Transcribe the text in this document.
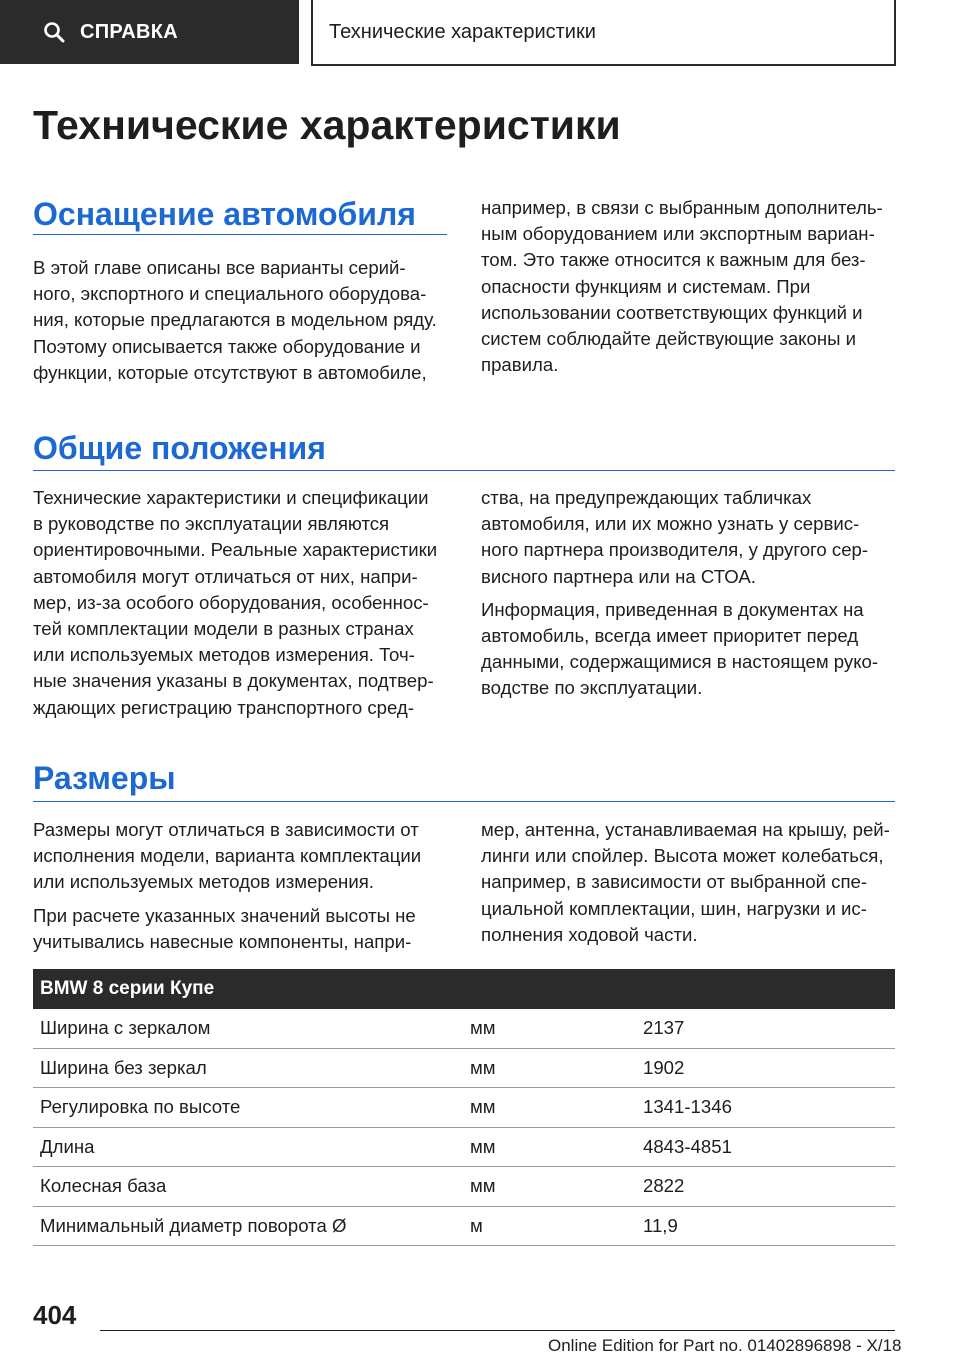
СПРАВКА	Технические характеристики
Технические характеристики
Оснащение автомобиля

В этой главе описаны все варианты серий-
ного, экспортного и специального оборудова-
ния, которые предлагаются в модельном ряду.
Поэтому описывается также оборудование и
функции, которые отсутствуют в автомобиле,

например, в связи с выбранным дополнитель-
ным оборудованием или экспортным вариан-
том. Это также относится к важным для без-
опасности функциям и системам. При
использовании соответствующих функций и
систем соблюдайте действующие законы и
правила.

Общие положения

Технические характеристики и спецификации
в руководстве по эксплуатации являются
ориентировочными. Реальные характеристики
автомобиля могут отличаться от них, напри-
мер, из-за особого оборудования, особеннос-
тей комплектации модели в разных странах
или используемых методов измерения. Точ-
ные значения указаны в документах, подтвер-
ждающих регистрацию транспортного сред-

ства, на предупреждающих табличках
автомобиля, или их можно узнать у сервис-
ного партнера производителя, у другого сер-
висного партнера или на СТОА.

Информация, приведенная в документах на
автомобиль, всегда имеет приоритет перед
данными, содержащимися в настоящем руко-
водстве по эксплуатации.

Размеры

Размеры могут отличаться в зависимости от
исполнения модели, варианта комплектации
или используемых методов измерения.

При расчете указанных значений высоты не
учитывались навесные компоненты, напри-

мер, антенна, устанавливаемая на крышу, рей-
линги или спойлер. Высота может колебаться,
например, в зависимости от выбранной спе-
циальной комплектации, шин, нагрузки и ис-
полнения ходовой части.

BMW 8 серии Купе
Ширина с зеркалом	мм	2137
Ширина без зеркал	мм	1902
Регулировка по высоте	мм	1341-1346
Длина	мм	4843-4851
Колесная база	мм	2822
Минимальный диаметр поворота Ø	м	11,9
404
Online Edition for Part no. 01402896898 - X/18
